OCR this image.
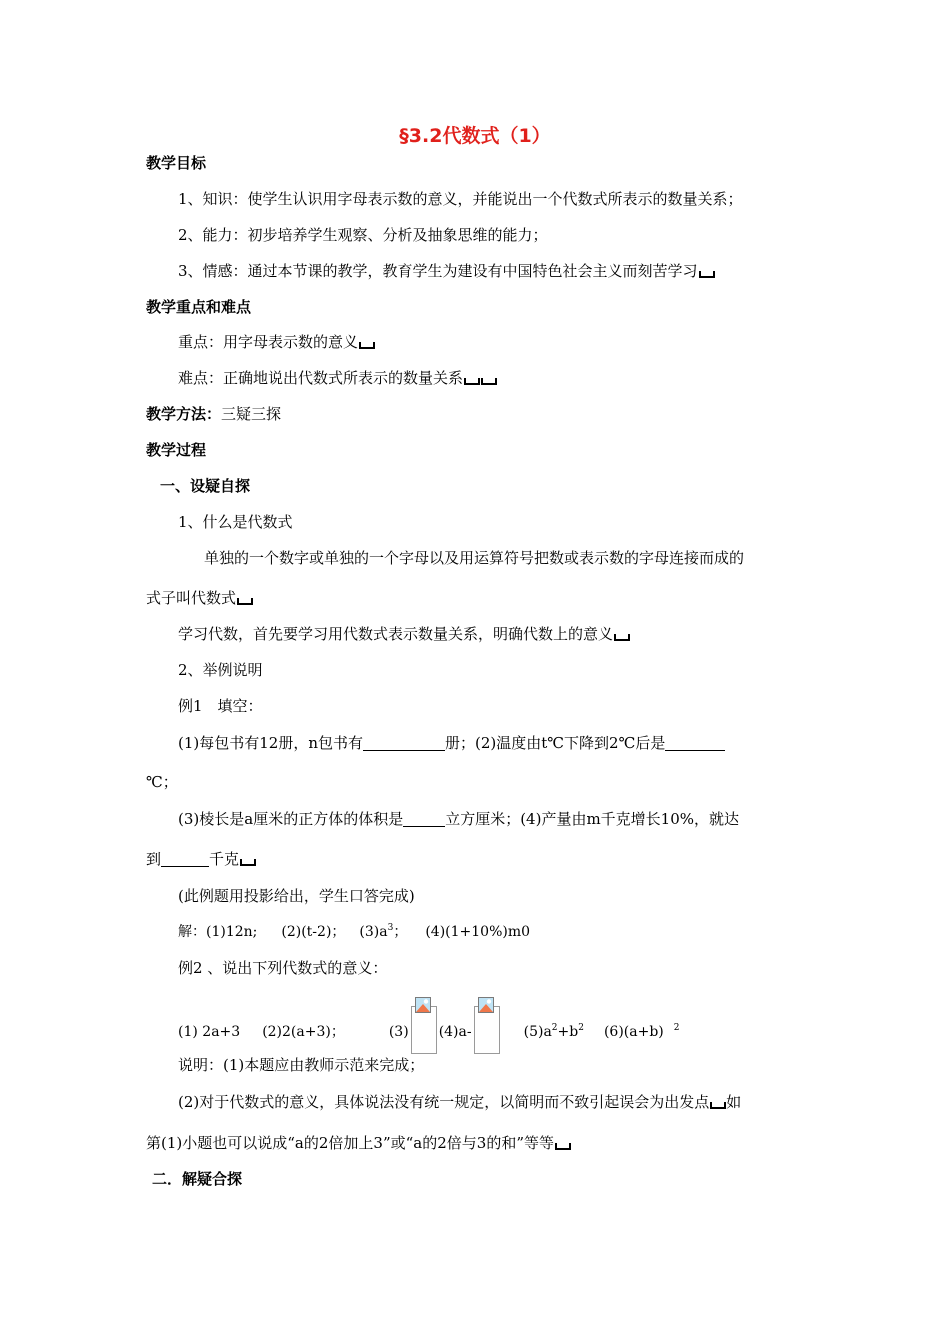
§3.2代数式（1）
教学目标
1、知识：使学生认识用字母表示数的意义，并能说出一个代数式所表示的数量关系；
2、能力：初步培养学生观察、分析及抽象思维的能力；
3、情感：通过本节课的教学，教育学生为建设有中国特色社会主义而刻苦学习
教学重点和难点
重点：用字母表示数的意义
难点：正确地说出代数式所表示的数量关系
教学方法：三疑三探
教学过程
一、设疑自探
1、什么是代数式
单独的一个数字或单独的一个字母以及用运算符号把数或表示数的字母连接而成的
式子叫代数式
学习代数，首先要学习用代数式表示数量关系，明确代数上的意义
2、举例说明
例1　填空：
(1)每包书有12册，n包书有	册；(2)温度由t℃下降到2℃后是
℃；
(3)棱长是a厘米的正方体的体积是	立方厘米；(4)产量由m千克增长10%，就达
到	千克
(此例题用投影给出，学生口答完成)
解：(1)12n; (2)(t-2)； $(3)a^3$； (4)(1+10%)m0
例2 、说出下列代数式的意义：
(1) 2a+3 (2)2(a+3)；	(3) (4)a-	$(5)a^2+b^2$ (6)(a+b) $^2$
说明：(1)本题应由教师示范来完成；
(2)对于代数式的意义，具体说法没有统一规定，以简明而不致引起误会为出发点 如
第(1)小题也可以说成“a的2倍加上3”或“a的2倍与3的和”等等
二．解疑合探
